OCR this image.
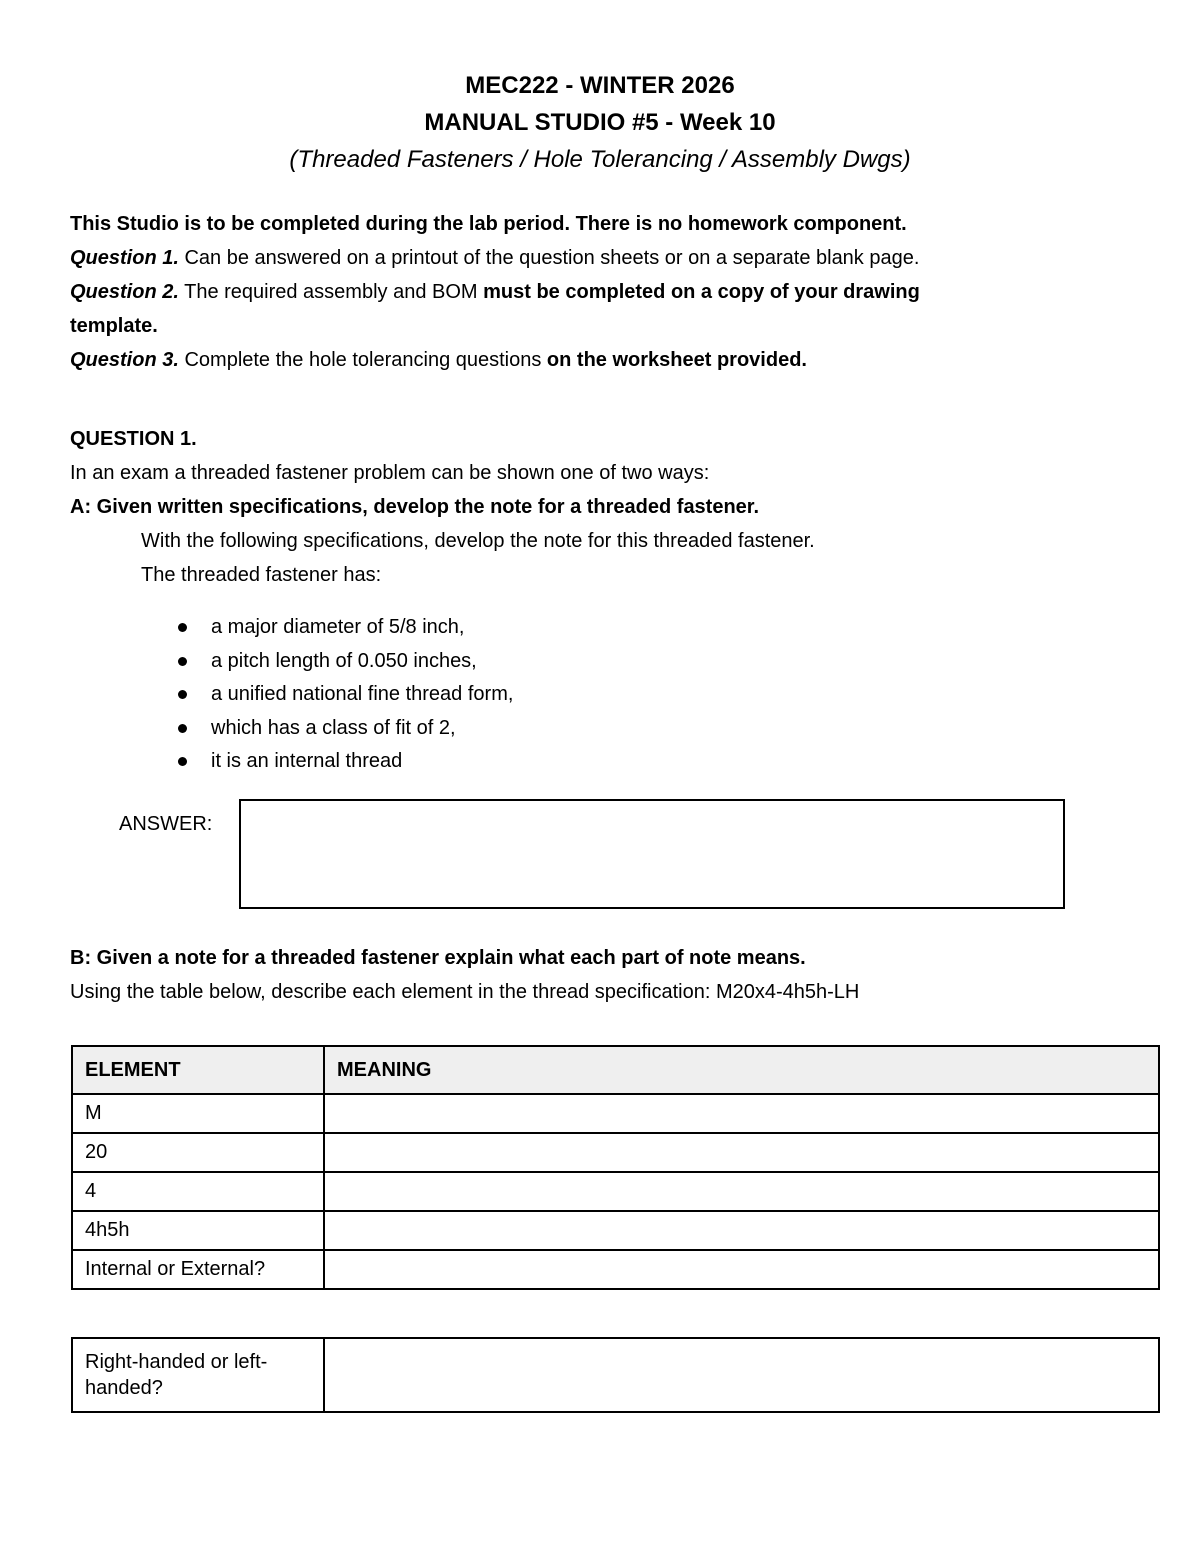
MEC222 - WINTER 2026
MANUAL STUDIO #5 - Week 10
(Threaded Fasteners / Hole Tolerancing / Assembly Dwgs)
This Studio is to be completed during the lab period. There is no homework component.
Question 1. Can be answered on a printout of the question sheets or on a separate blank page.
Question 2. The required assembly and BOM must be completed on a copy of your drawing
template.
Question 3. Complete the hole tolerancing questions on the worksheet provided.
QUESTION 1.
In an exam a threaded fastener problem can be shown one of two ways:
A: Given written specifications, develop the note for a threaded fastener.
With the following specifications, develop the note for this threaded fastener.
The threaded fastener has:
a major diameter of 5/8 inch,
a pitch length of 0.050 inches,
a unified national fine thread form,
which has a class of fit of 2,
it is an internal thread
ANSWER:
B: Given a note for a threaded fastener explain what each part of note means.
Using the table below, describe each element in the thread specification: M20x4-4h5h-LH
ELEMENT	MEANING
M	
20	
4	
4h5h	
Internal or External?	
Right-handed or left-
handed?	
